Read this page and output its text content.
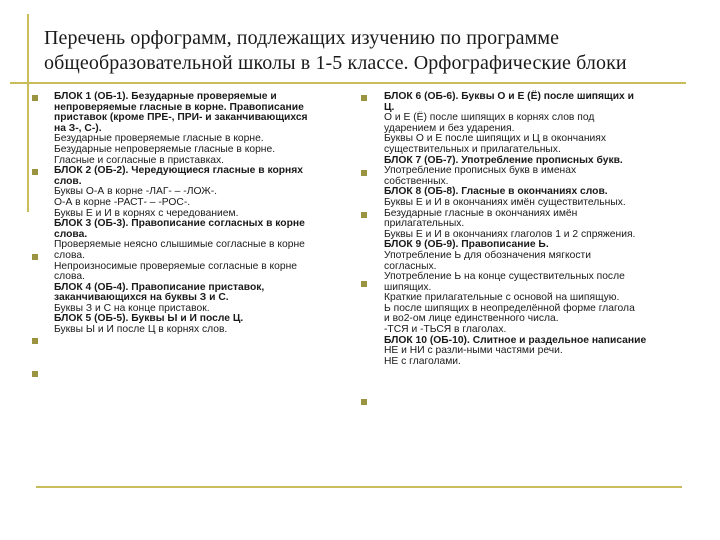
Перечень орфограмм, подлежащих изучению по программе
общеобразовательной школы в 1-5 классе. Орфографические блоки
БЛОК 1 (ОБ-1). Безударные проверяемые и
непроверяемые гласные в корне. Правописание
приставок (кроме ПРЕ-, ПРИ- и заканчивающихся
на З-, С-).
Безударные проверяемые гласные в корне.
Безударные непроверяемые гласные в корне.
Гласные и согласные в приставках.
БЛОК 2 (ОБ-2). Чередующиеся гласные в корнях
слов.
Буквы О-А в корне -ЛАГ- – -ЛОЖ-.
О-А в корне -РАСТ- – -РОС-.
Буквы Е и И в корнях с чередованием.
БЛОК 3 (ОБ-3). Правописание согласных в корне
слова.
Проверяемые неясно слышимые согласные в корне
слова.
Непроизносимые проверяемые согласные в корне
слова.
БЛОК 4 (ОБ-4). Правописание приставок,
заканчивающихся на буквы З и С.
Буквы З и С на конце приставок.
БЛОК 5 (ОБ-5). Буквы Ы и И после Ц.
Буквы Ы и И после Ц в корнях слов.
БЛОК 6 (ОБ-6). Буквы О и Е (Ё) после шипящих и
Ц.
О и Е (Ё) после шипящих в корнях слов под
ударением и без ударения.
Буквы О и Е после шипящих и Ц в окончаниях
существительных и прилагательных.
БЛОК 7 (ОБ-7). Употребление прописных букв.
Употребление прописных букв в именах
собственных.
БЛОК 8 (ОБ-8). Гласные в окончаниях слов.
Буквы Е и И в окончаниях имён существительных.
Безударные гласные в окончаниях имён
прилагательных.
Буквы Е и И в окончаниях глаголов 1 и 2 спряжения.
БЛОК 9 (ОБ-9). Правописание Ь.
Употребление Ь для обозначения мягкости
согласных.
Употребление Ь на конце существительных после
шипящих.
Краткие прилагательные с основой на шипящую.
Ь после шипящих в неопределённой форме глагола
и во2-ом лице единственного числа.
-ТСЯ и -ТЬСЯ в глаголах.
БЛОК 10 (ОБ-10). Слитное и раздельное написание
НЕ и НИ с разли-ными частями речи.
НЕ с глаголами.
